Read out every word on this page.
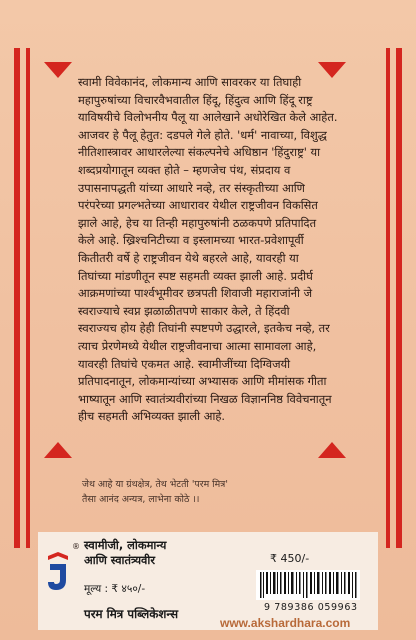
स्वामी विवेकानंद, लोकमान्य आणि सावरकर या तिघाही
महापुरुषांच्या विचारवैभवातील हिंदू, हिंदुत्व आणि हिंदू राष्ट्र
याविषयीचे विलोभनीय पैलू या आलेखाने अधोरेखित केले आहेत.
आजवर हे पैलू हेतुत: दडपले गेले होते. 'धर्म' नावाच्या, विशुद्ध
नीतिशास्त्रावर आधारलेल्या संकल्पनेचे अधिष्ठान 'हिंदुराष्ट्र' या
शब्दप्रयोगातून व्यक्त होते – म्हणजेच पंथ, संप्रदाय व
उपासनापद्धती यांच्या आधारे नव्हे, तर संस्कृतीच्या आणि
परंपरेच्या प्रगल्भतेच्या आधारावर येथील राष्ट्रजीवन विकसित
झाले आहे, हेच या तिन्ही महापुरुषांनी ठळकपणे प्रतिपादित
केले आहे. ख्रिश्चनिटीच्या व इस्लामच्या भारत-प्रवेशापूर्वी
कितीतरी वर्षे हे राष्ट्रजीवन येथे बहरले आहे, यावरही या
तिघांच्या मांडणीतून स्पष्ट सहमती व्यक्त झाली आहे. प्रदीर्घ
आक्रमणांच्या पार्श्वभूमीवर छत्रपती शिवाजी महाराजांनी जे
स्वराज्याचे स्वप्न झळाळीतपणे साकार केले, ते हिंदवी
स्वराज्यच होय हेही तिघांनी स्पष्टपणे उद्धारले, इतकेच नव्हे, तर
त्याच प्रेरणेमध्ये येथील राष्ट्रजीवनाचा आत्मा सामावला आहे,
यावरही तिघांचे एकमत आहे. स्वामीजींच्या दिग्विजयी
प्रतिपादनातून, लोकमान्यांच्या अभ्यासक आणि मीमांसक गीता
भाष्यातून आणि स्वातंत्र्यवीरांच्या निखळ विज्ञाननिष्ठ विवेचनातून
हीच सहमती अभिव्यक्त झाली आहे.
जेथ आहे या ग्रंथक्षेत्र, तेथ भेटती 'परम मित्र'
तैसा आनंद अन्यत्र, लाभेना कोठे ।।
® स्वामीजी, लोकमान्य
आणि स्वातंत्र्यवीर
मूल्य : ₹ ४५०/-
₹ 450/-
9 789386 059963
परम मित्र पब्लिकेशन्स
www.akshardhara.com
